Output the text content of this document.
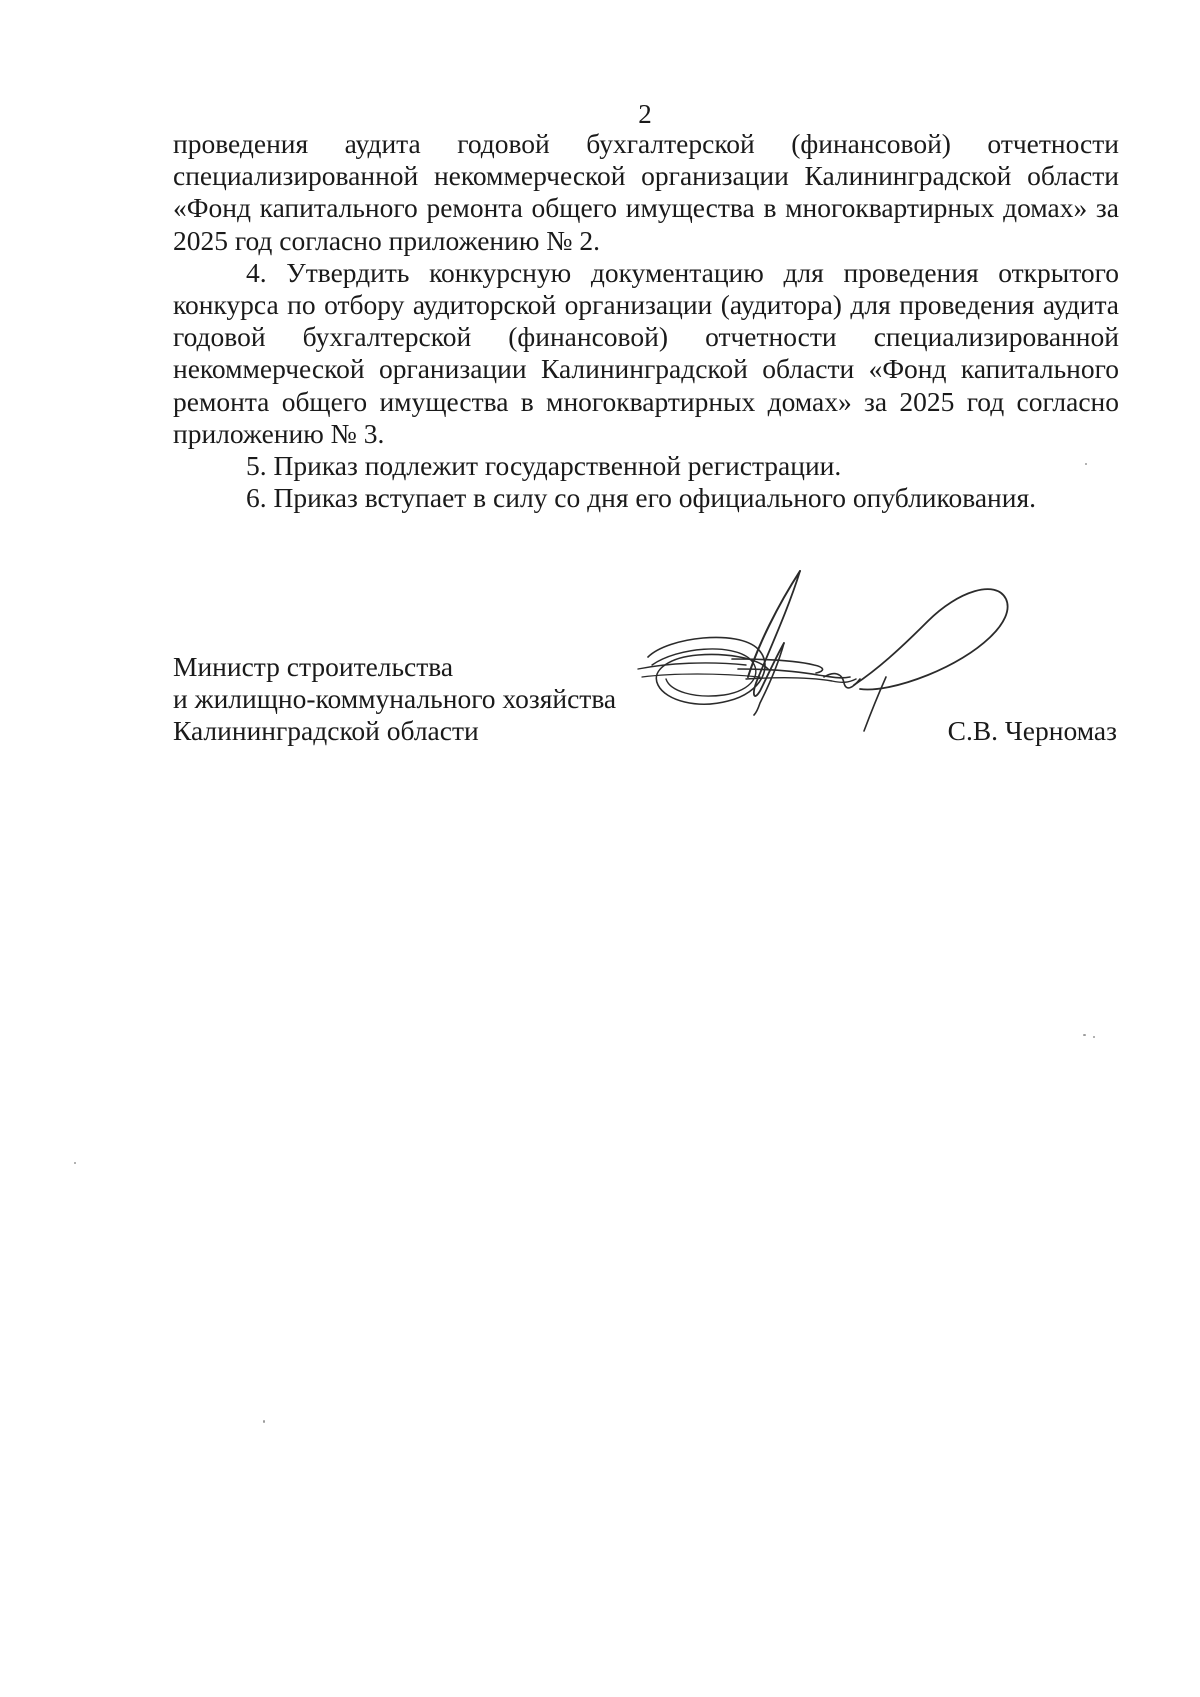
2

проведения аудита годовой бухгалтерской (финансовой) отчетности специализированной некоммерческой организации Калининградской области «Фонд капитального ремонта общего имущества в многоквартирных домах» за 2025 год согласно приложению № 2.

4. Утвердить конкурсную документацию для проведения открытого конкурса по отбору аудиторской организации (аудитора) для проведения аудита годовой бухгалтерской (финансовой) отчетности специализированной некоммерческой организации Калининградской области «Фонд капитального ремонта общего имущества в многоквартирных домах» за 2025 год согласно приложению № 3.

5. Приказ подлежит государственной регистрации.

6. Приказ вступает в силу со дня его официального опубликования.

Министр строительства
и жилищно-коммунального хозяйства
Калининградской области	С.В. Черномаз
